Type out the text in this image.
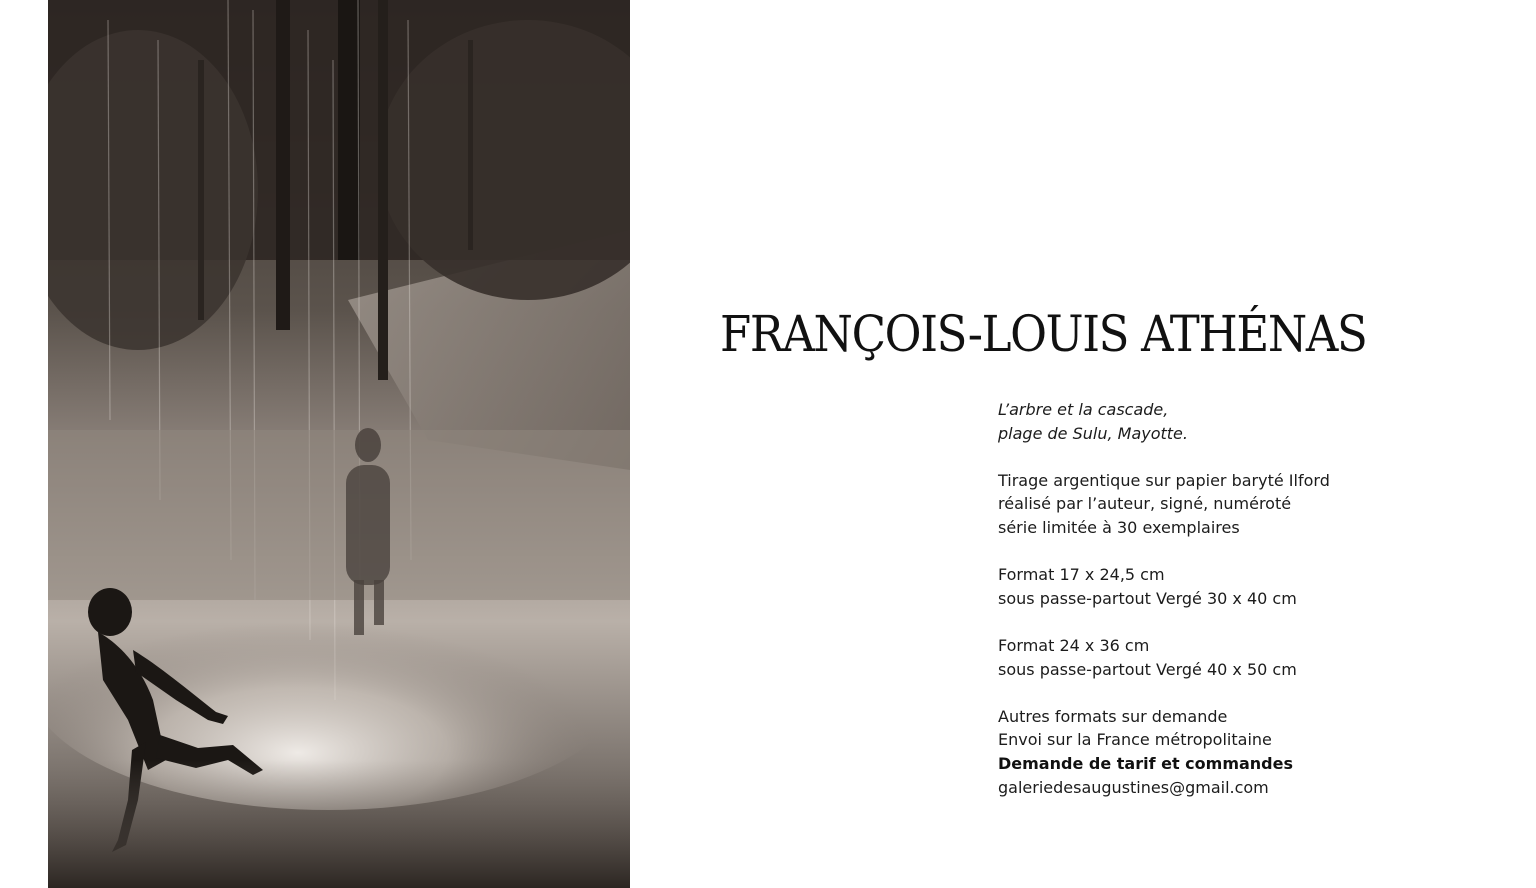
FRANÇOIS-LOUIS ATHÉNAS

L’arbre et la cascade,
plage de Sulu, Mayotte.

Tirage argentique sur papier baryté Ilford
réalisé par l’auteur, signé, numéroté
série limitée à 30 exemplaires

Format 17 x 24,5 cm
sous passe-partout Vergé 30 x 40 cm

Format 24 x 36 cm
sous passe-partout Vergé 40 x 50 cm

Autres formats sur demande
Envoi sur la France métropolitaine
Demande de tarif et commandes
galeriedesaugustines@gmail.com
